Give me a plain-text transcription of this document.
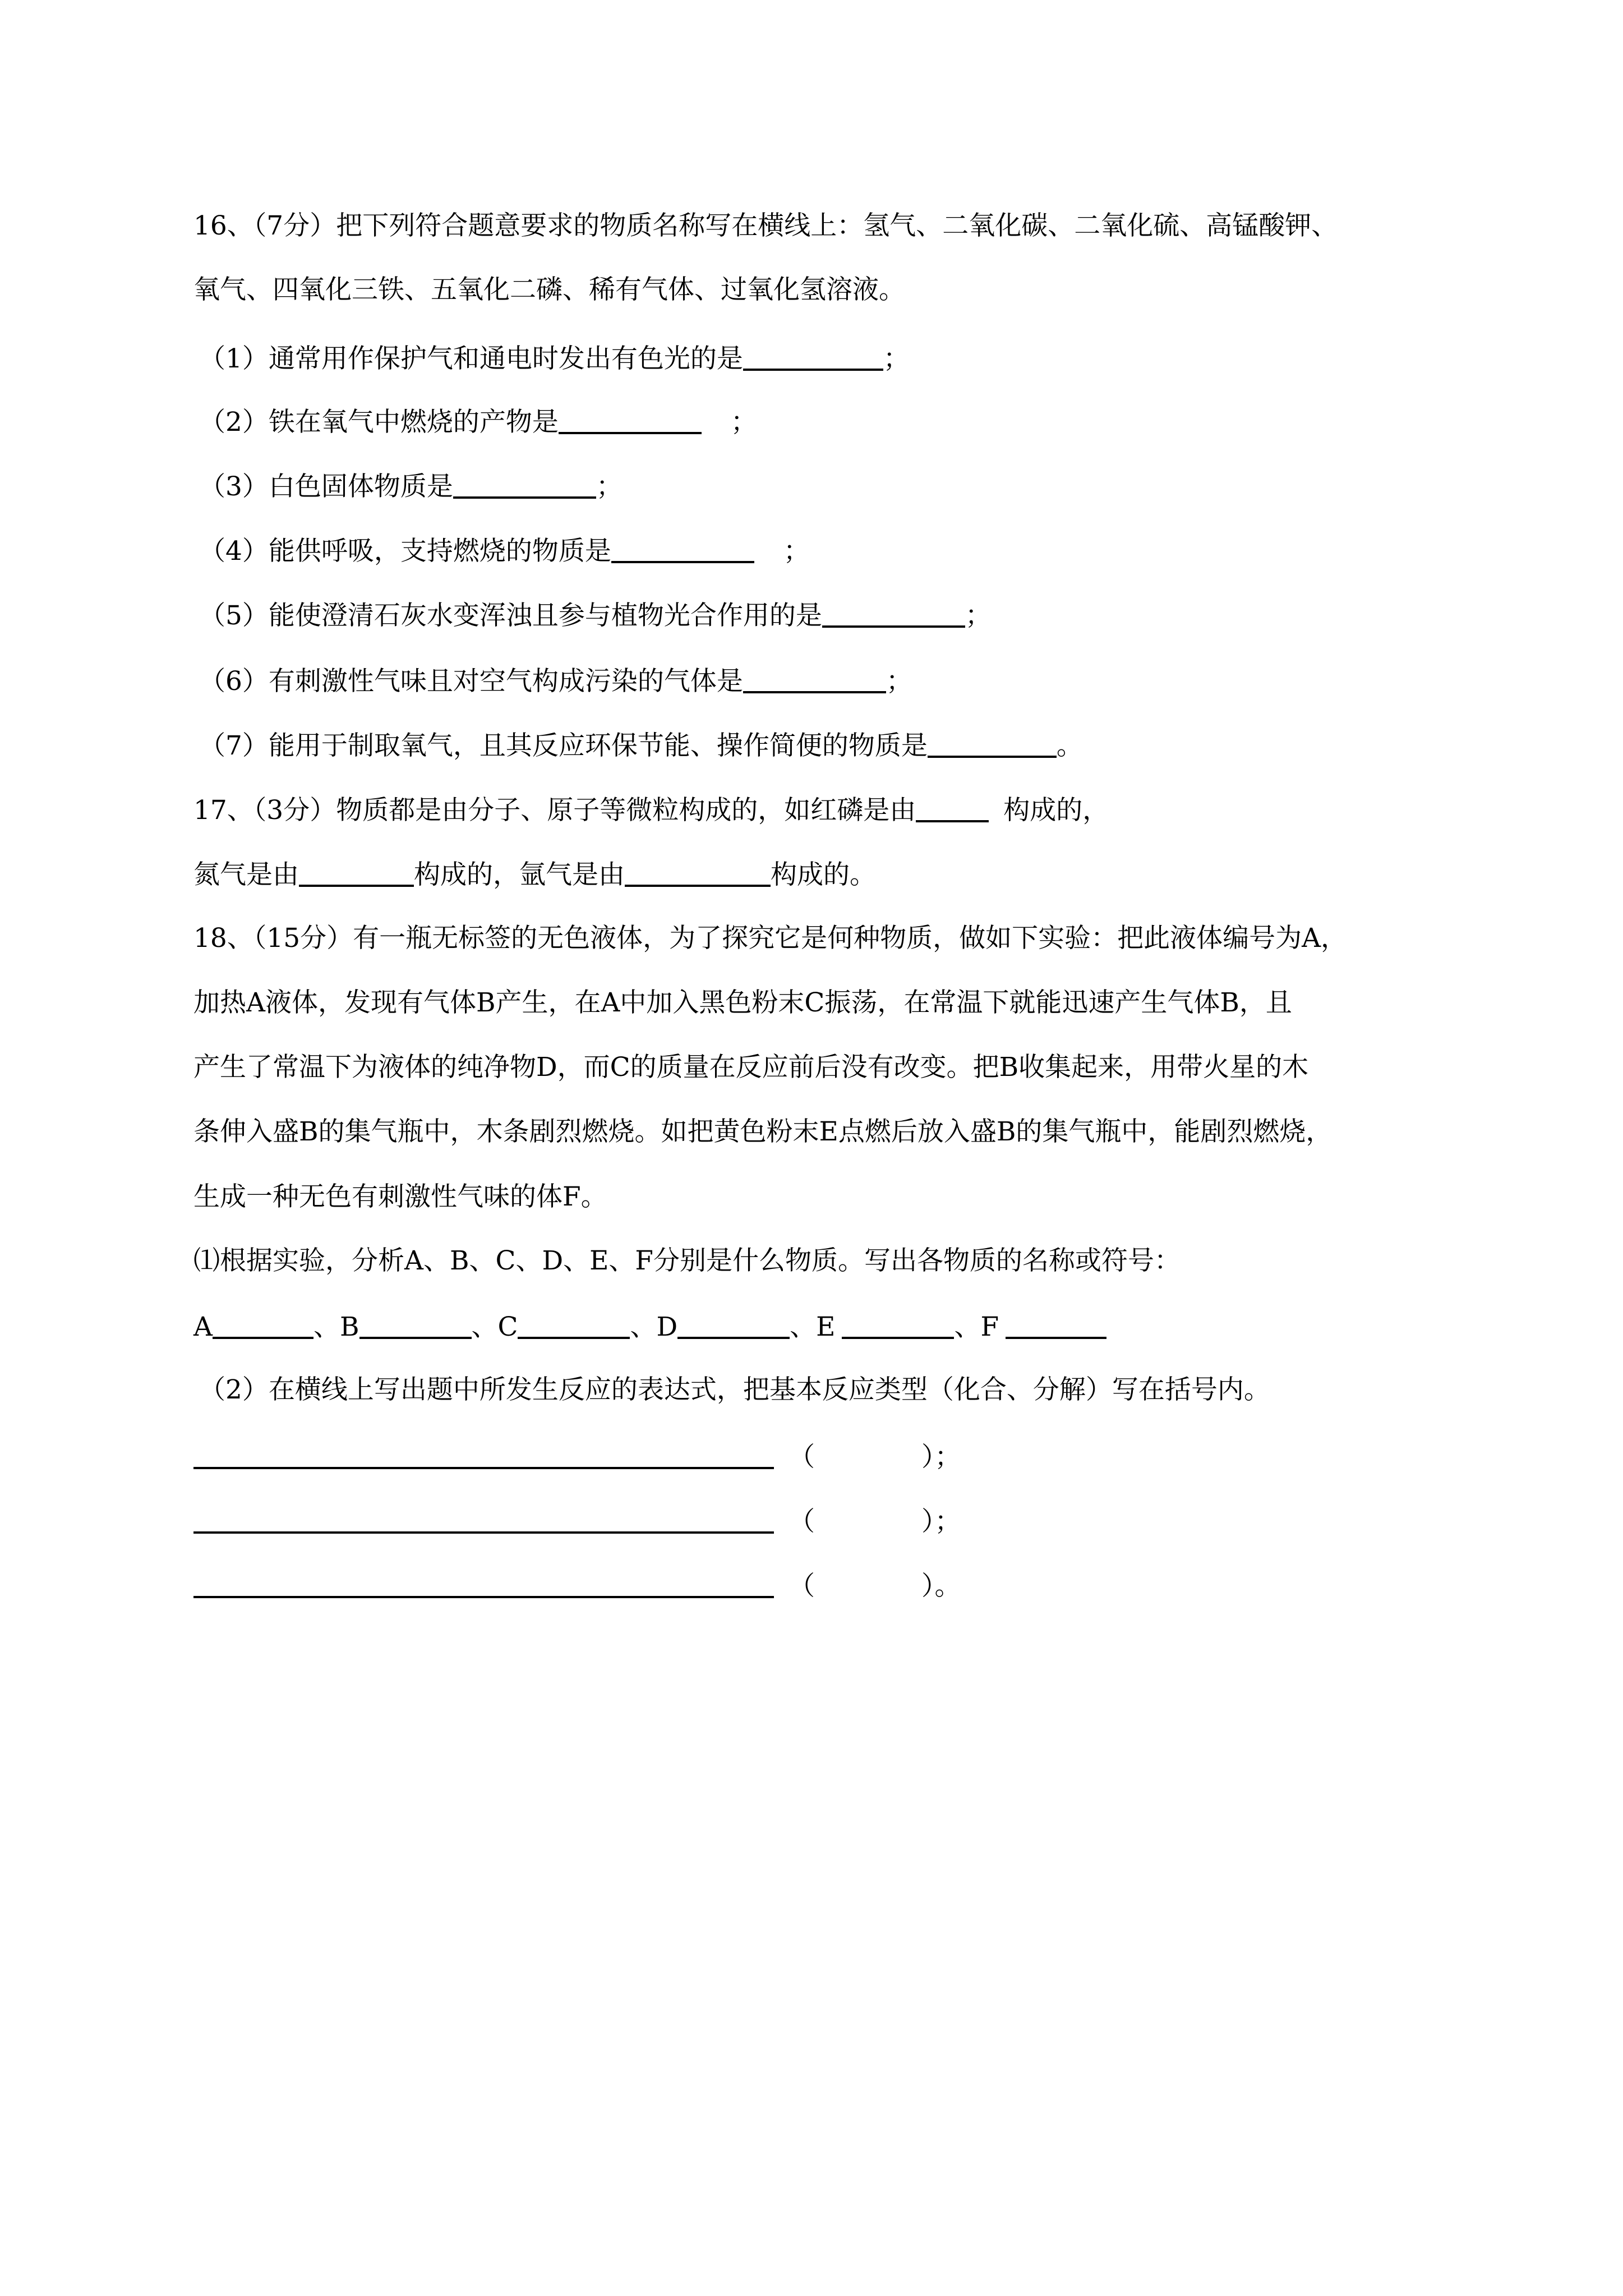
16、（7分）把下列符合题意要求的物质名称写在横线上：氢气、二氧化碳、二氧化硫、高锰酸钾、
氧气、四氧化三铁、五氧化二磷、稀有气体、过氧化氢溶液。
（1）通常用作保护气和通电时发出有色光的是	；
（2）铁在氧气中燃烧的产物是	；
（3）白色固体物质是	；
（4）能供呼吸，支持燃烧的物质是	；
（5）能使澄清石灰水变浑浊且参与植物光合作用的是	；
（6）有刺激性气味且对空气构成污染的气体是	；
（7）能用于制取氧气，且其反应环保节能、操作简便的物质是	。
17、（3分）物质都是由分子、原子等微粒构成的，如红磷是由	构成的，
氮气是由	构成的，氩气是由	构成的。
18、（15分）有一瓶无标签的无色液体，为了探究它是何种物质，做如下实验：把此液体编号为A，
加热A液体，发现有气体B产生，在A中加入黑色粉末C振荡，在常温下就能迅速产生气体B，且
产生了常温下为液体的纯净物D，而C的质量在反应前后没有改变。把B收集起来，用带火星的木
条伸入盛B的集气瓶中，木条剧烈燃烧。如把黄色粉末E点燃后放入盛B的集气瓶中，能剧烈燃烧，
生成一种无色有刺激性气味的体F。
⑴根据实验，分析A、B、C、D、E、F分别是什么物质。写出各物质的名称或符号：
A	、B	、C	、D	、E	、F
（2）在横线上写出题中所发生反应的表达式，把基本反应类型（化合、分解）写在括号内。
（	）；
（	）；
（	）。
